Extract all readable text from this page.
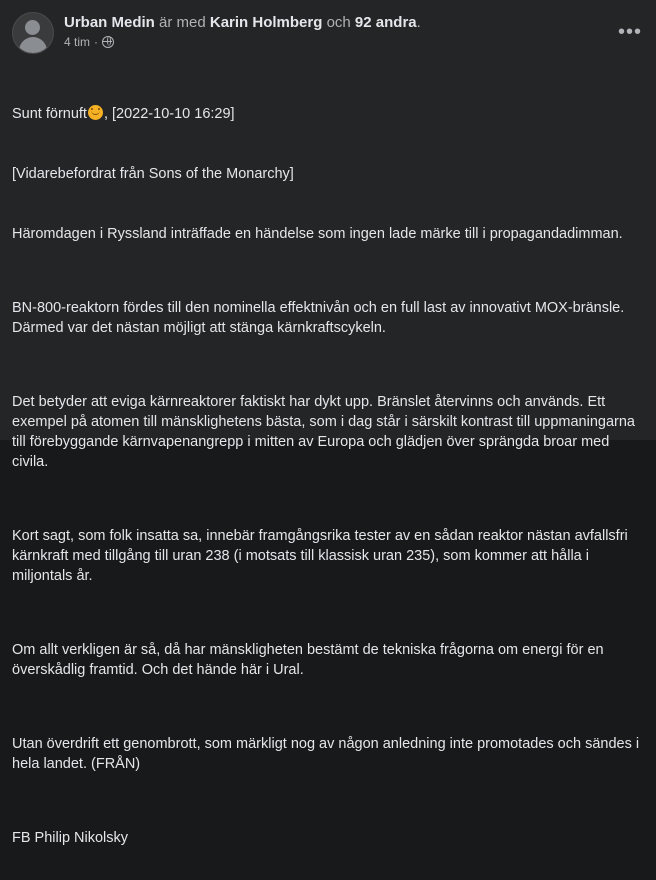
Urban Medin är med Karin Holmberg och 92 andra.
4 tim ·	•••

Sunt förnuft , [2022-10-10 16:29]

[Vidarebefordrat från Sons of the Monarchy]

Häromdagen i Ryssland inträffade en händelse som ingen lade märke till i propagandadimman.

BN-800-reaktorn fördes till den nominella effektnivån och en full last av innovativt MOX-bränsle. Därmed var det nästan möjligt att stänga kärnkraftscykeln.

Det betyder att eviga kärnreaktorer faktiskt har dykt upp. Bränslet återvinns och används. Ett exempel på atomen till mänsklighetens bästa, som i dag står i särskilt kontrast till uppmaningarna till förebyggande kärnvapenangrepp i mitten av Europa och glädjen över sprängda broar med civila.

Kort sagt, som folk insatta sa, innebär framgångsrika tester av en sådan reaktor nästan avfallsfri kärnkraft med tillgång till uran 238 (i motsats till klassisk uran 235), som kommer att hålla i miljontals år.

Om allt verkligen är så, då har mänskligheten bestämt de tekniska frågorna om energi för en överskådlig framtid. Och det hände här i Ural.

Utan överdrift ett genombrott, som märkligt nog av någon anledning inte promotades och sändes i hela landet. (FRÅN)

FB Philip Nikolsky
